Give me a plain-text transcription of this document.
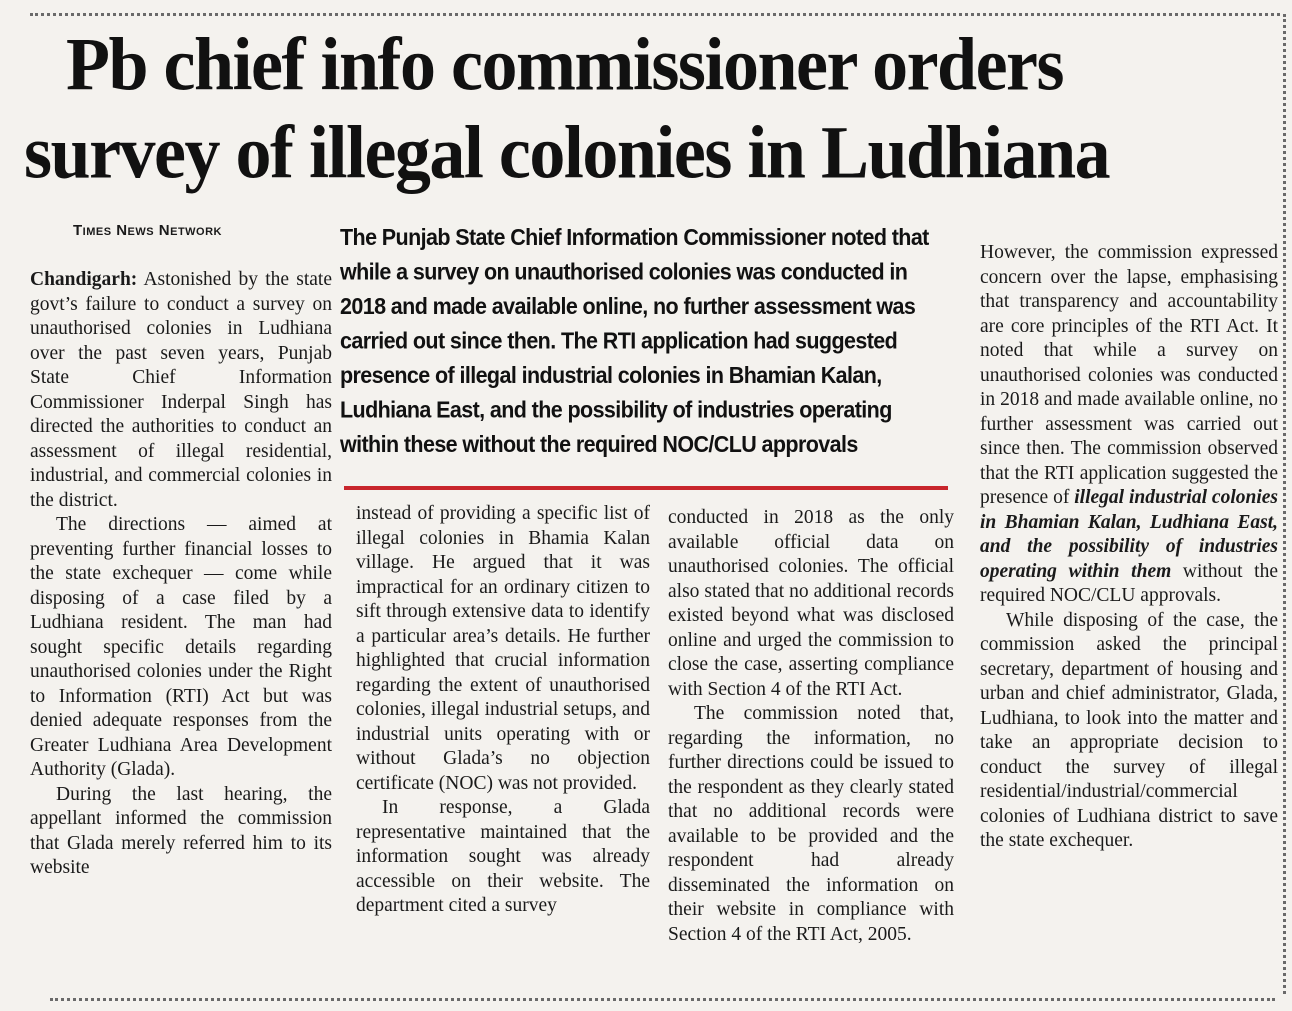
Pb chief info commissioner orders
survey of illegal colonies in Ludhiana
Times News Network	The Punjab State Chief Information Commissioner noted that while a survey on unauthorised colonies was conducted in 2018 and made available online, no further assessment was carried out since then. The RTI application had suggested presence of illegal industrial colonies in Bhamian Kalan, Ludhiana East, and the possibility of industries operating within these without the required NOC/CLU approvals

Chandigarh: Astonished by the state govt’s failure to conduct a survey on unauthorised colonies in Ludhiana over the past seven years, Punjab State Chief Information Commissioner Inderpal Singh has directed the authorities to conduct an assessment of illegal residential, industrial, and commercial colonies in the district.

The directions — aimed at preventing further financial losses to the state exchequer — come while disposing of a case filed by a Ludhiana resident. The man had sought specific details regarding unauthorised colonies under the Right to Information (RTI) Act but was denied adequate responses from the Greater Ludhiana Area Development Authority (Glada).

During the last hearing, the appellant informed the commission that Glada merely referred him to its website

instead of providing a specific list of illegal colonies in Bhamia Kalan village. He argued that it was impractical for an ordinary citizen to sift through extensive data to identify a particular area’s details. He further highlighted that crucial information regarding the extent of unauthorised colonies, illegal industrial setups, and industrial units operating with or without Glada’s no objection certificate (NOC) was not provided.

In response, a Glada representative maintained that the information sought was already accessible on their website. The department cited a survey

conducted in 2018 as the only available official data on unauthorised colonies. The official also stated that no additional records existed beyond what was disclosed online and urged the commission to close the case, asserting compliance with Section 4 of the RTI Act.

The commission noted that, regarding the information, no further directions could be issued to the respondent as they clearly stated that no additional records were available to be provided and the respondent had already disseminated the information on their website in compliance with Section 4 of the RTI Act, 2005.

However, the commission expressed concern over the lapse, emphasising that transparency and accountability are core principles of the RTI Act. It noted that while a survey on unauthorised colonies was conducted in 2018 and made available online, no further assessment was carried out since then. The commission observed that the RTI application suggested the presence of illegal industrial colonies in Bhamian Kalan, Ludhiana East, and the possibility of industries operating within them without the required NOC/CLU approvals.

While disposing of the case, the commission asked the principal secretary, department of housing and urban and chief administrator, Glada, Ludhiana, to look into the matter and take an appropriate decision to conduct the survey of illegal residential/industrial/commercial colonies of Ludhiana district to save the state exchequer.
